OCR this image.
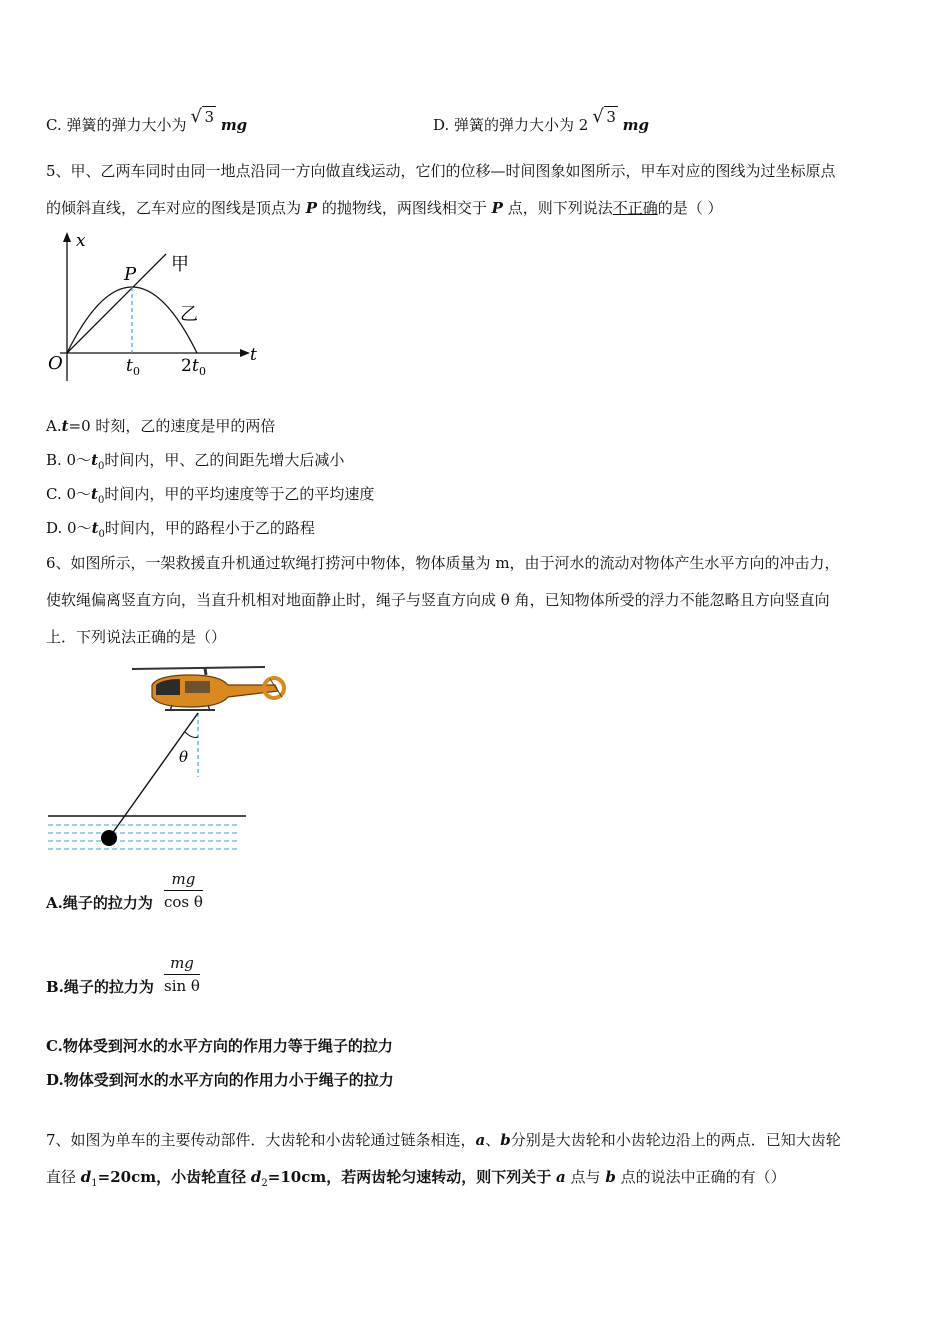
C. 弹簧的弹力大小为 √ 3 mg	D. 弹簧的弹力大小为 2 √ 3 mg
5、甲、乙两车同时由同一地点沿同一方向做直线运动，它们的位移—时间图象如图所示，甲车对应的图线为过坐标原点
的倾斜直线，乙车对应的图线是顶点为 P 的抛物线，两图线相交于 P 点，则下列说法不正确的是（ ）
x
t
O
P 甲
乙
t 0 2 t 0
A.t=0 时刻，乙的速度是甲的两倍
B. $0\sim t_0$时间内，甲、乙的间距先增大后减小
C. $0\sim t_0$时间内，甲的平均速度等于乙的平均速度
D. $0\sim t_0$时间内，甲的路程小于乙的路程
6、如图所示，一架救援直升机通过软绳打捞河中物体，物体质量为 m，由于河水的流动对物体产生水平方向的冲击力，
使软绳偏离竖直方向，当直升机相对地面静止时，绳子与竖直方向成 θ 角，已知物体所受的浮力不能忽略且方向竖直向
上．下列说法正确的是（）
θ
A.绳子的拉力为
mg
cos θ
B.绳子的拉力为
mg
sin θ
C.物体受到河水的水平方向的作用力等于绳子的拉力
D.物体受到河水的水平方向的作用力小于绳子的拉力
7、如图为单车的主要传动部件．大齿轮和小齿轮通过链条相连，a、b分别是大齿轮和小齿轮边沿上的两点．已知大齿轮
直径 $d_1=20cm$，小齿轮直径 $d_2=10cm$，若两齿轮匀速转动，则下列关于 a 点与 b 点的说法中正确的有（）
